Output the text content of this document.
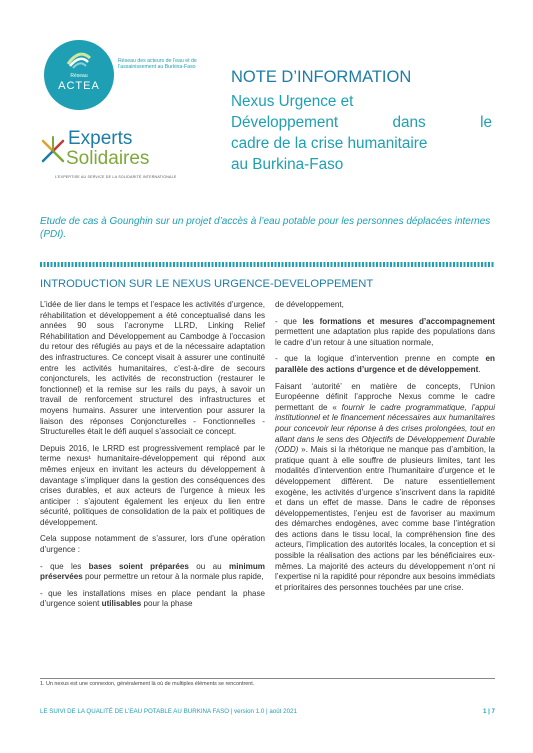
Réseau
ACTEA
Réseau des acteurs de l’eau et de l’assainissement au Burkina-Faso
Experts
Solidaires
L’EXPERTISE AU SERVICE DE LA SOLIDARITÉ INTERNATIONALE
NOTE D’INFORMATION
Nexus Urgence et
Développement dans le
cadre de la crise humanitaire
au Burkina-Faso
Etude de cas à Gounghin sur un projet d’accès à l’eau potable pour les personnes déplacées internes (PDI).
INTRODUCTION SUR LE NEXUS URGENCE-DEVELOPPEMENT

L’idée de lier dans le temps et l’espace les activités d’urgence, réhabilitation et développement a été conceptualisé dans les années 90 sous l’acronyme LLRD, Linking Relief Réhabilitation and Développement au Cambodge à l’occasion du retour des réfugiés au pays et de la nécessaire adaptation des infrastructures. Ce concept visait à assurer une continuité entre les activités humanitaires, c’est-à-dire de secours conjoncturels, les activités de reconstruction (restaurer le fonctionnel) et la remise sur les rails du pays, à savoir un travail de renforcement structurel des infrastructures et moyens humains. Assurer une intervention pour assurer la liaison des réponses Conjoncturelles - Fonctionnelles - Structurelles était le défi auquel s’associait ce concept.

Depuis 2016, le LRRD est progressivement remplacé par le terme nexus¹ humanitaire-développement qui répond aux mêmes enjeux en invitant les acteurs du développement à davantage s’impliquer dans la gestion des conséquences des crises durables, et aux acteurs de l’urgence à mieux les anticiper : s’ajoutent également les enjeux du lien entre sécurité, politiques de consolidation de la paix et politiques de développement.

Cela suppose notamment de s’assurer, lors d’une opération d’urgence :

- que les bases soient préparées ou au minimum préservées pour permettre un retour à la normale plus rapide,

- que les installations mises en place pendant la phase d’urgence soient utilisables pour la phase

de développement,

- que les formations et mesures d’accompagnement permettent une adaptation plus rapide des populations dans le cadre d’un retour à une situation normale,

- que la logique d’intervention prenne en compte en parallèle des actions d’urgence et de développement.

Faisant ‘autorité’ en matière de concepts, l’Union Européenne définit l’approche Nexus comme le cadre permettant de « fournir le cadre programmatique, l’appui institutionnel et le financement nécessaires aux humanitaires pour concevoir leur réponse à des crises prolongées, tout en allant dans le sens des Objectifs de Développement Durable (ODD) ». Mais si la rhétorique ne manque pas d’ambition, la pratique quant à elle souffre de plusieurs limites, tant les modalités d’intervention entre l’humanitaire d’urgence et le développement diffèrent. De nature essentiellement exogène, les activités d’urgence s’inscrivent dans la rapidité et dans un effet de masse. Dans le cadre de réponses développementistes, l’enjeu est de favoriser au maximum des démarches endogènes, avec comme base l’intégration des actions dans le tissu local, la compréhension fine des acteurs, l’implication des autorités locales, la conception et si possible la réalisation des actions par les bénéficiaires eux-mêmes. La majorité des acteurs du développement n’ont ni l’expertise ni la rapidité pour répondre aux besoins immédiats et prioritaires des personnes touchées par une crise.

1. Un nexus est une connexion, généralement là où de multiples éléments se rencontrent.
LE SUIVI DE LA QUALITÉ DE L’EAU POTABLE AU BURKINA FASO | version 1.0 | août 2021	1 | 7
